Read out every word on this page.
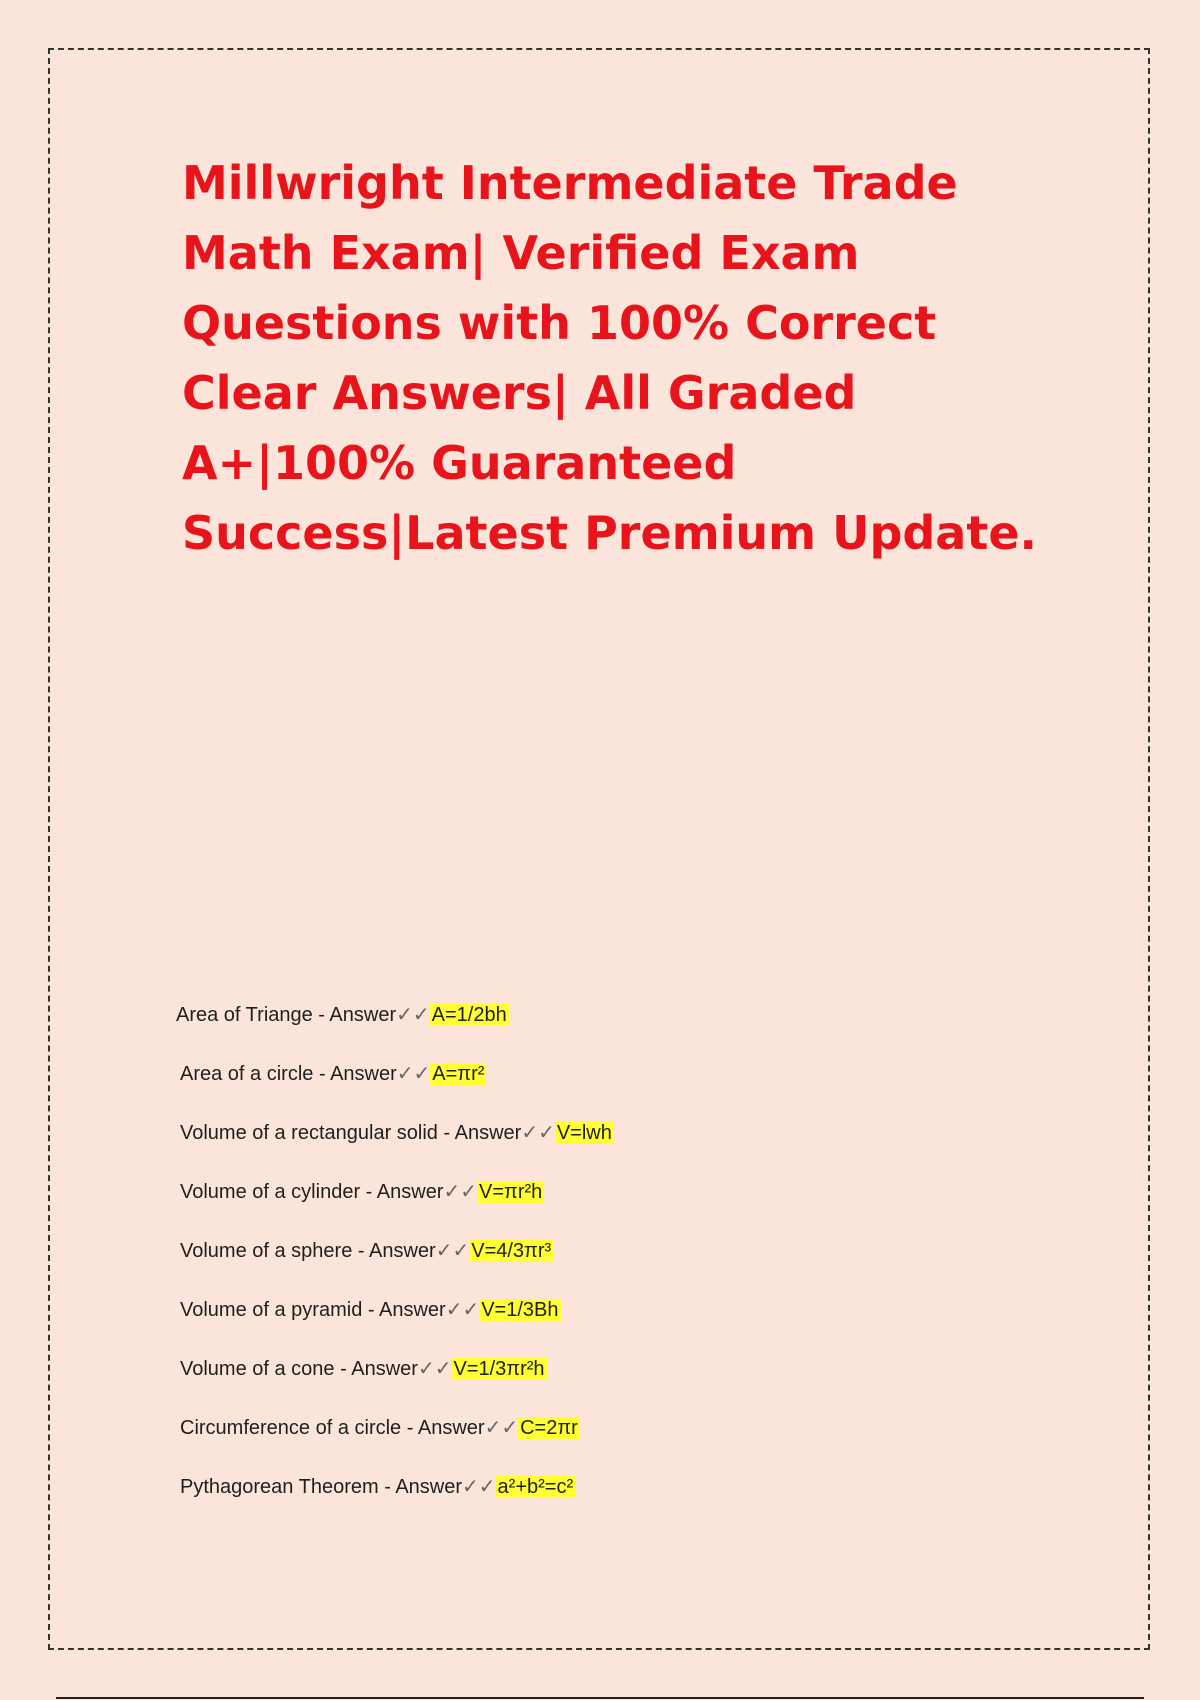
Millwright Intermediate Trade Math Exam| Verified Exam Questions with 100% Correct Clear Answers| All Graded A+|100% Guaranteed Success|Latest Premium Update.
Area of Triange - Answer✓✓ A=1/2bh
Area of a circle - Answer✓✓ A=πr²
Volume of a rectangular solid - Answer✓✓ V=lwh
Volume of a cylinder - Answer✓✓ V=πr²h
Volume of a sphere - Answer✓✓ V=4/3πr³
Volume of a pyramid - Answer✓✓ V=1/3Bh
Volume of a cone - Answer✓✓ V=1/3πr²h
Circumference of a circle - Answer✓✓ C=2πr
Pythagorean Theorem - Answer✓✓ a²+b²=c²
